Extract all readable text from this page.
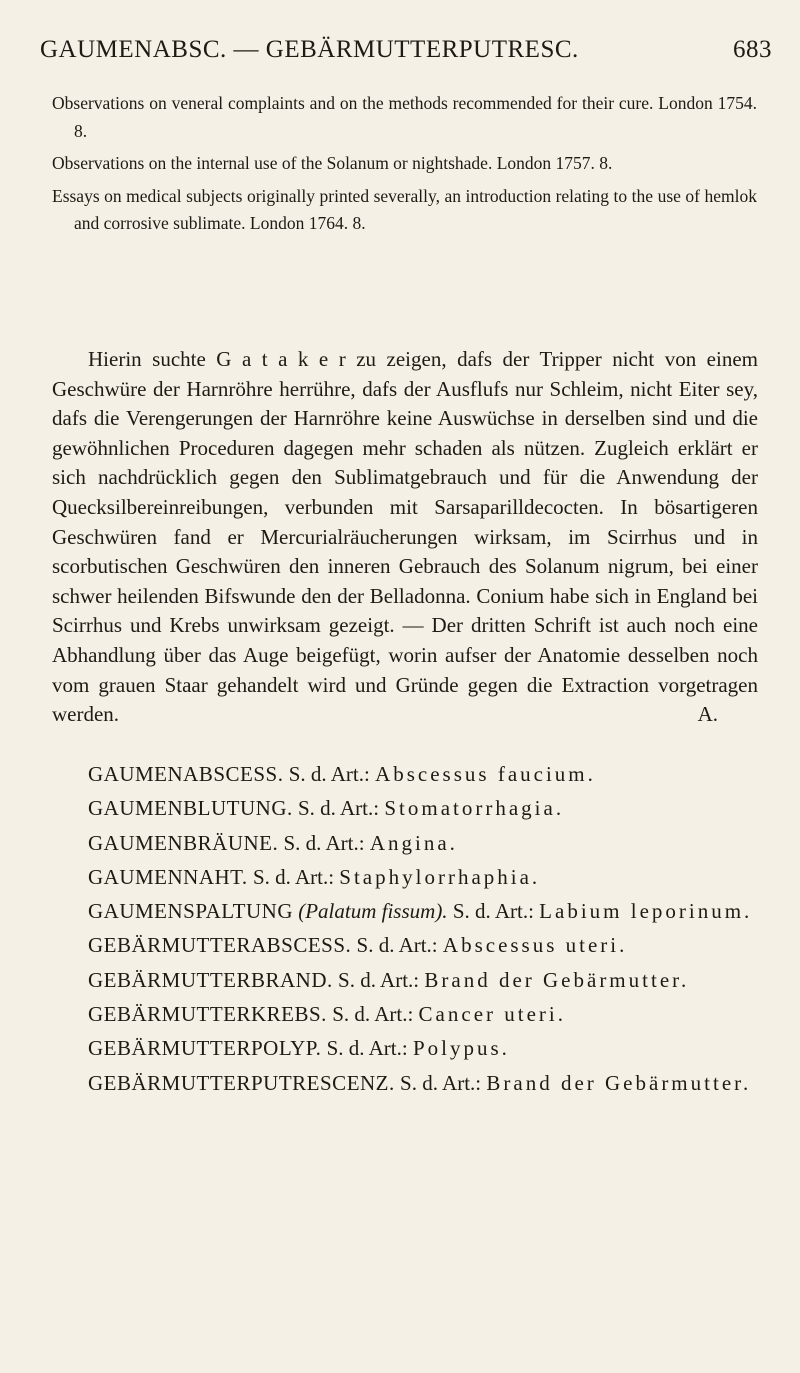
GAUMENABSC. — GEBÄRMUTTERPUTRESC.	683

Observations on veneral complaints and on the methods recommended for their cure. London 1754. 8.

Observations on the internal use of the Solanum or nightshade. London 1757. 8.

Essays on medical subjects originally printed severally, an introduction relating to the use of hemlok and corrosive sublimate. London 1764. 8.

Hierin suchte G a t a k e r zu zeigen, dafs der Tripper nicht von einem Geschwüre der Harnröhre herrühre, dafs der Ausflufs nur Schleim, nicht Eiter sey, dafs die Verengerungen der Harnröhre keine Auswüchse in derselben sind und die gewöhnlichen Proceduren dagegen mehr schaden als nützen. Zugleich erklärt er sich nachdrücklich gegen den Sublimatgebrauch und für die Anwendung der Quecksilbereinreibungen, verbunden mit Sarsaparilldecocten. In bösartigeren Geschwüren fand er Mercurialräucherungen wirksam, im Scirrhus und in scorbutischen Geschwüren den inneren Gebrauch des Solanum nigrum, bei einer schwer heilenden Bifswunde den der Belladonna. Conium habe sich in England bei Scirrhus und Krebs unwirksam gezeigt. — Der dritten Schrift ist auch noch eine Abhandlung über das Auge beigefügt, worin aufser der Anatomie desselben noch vom grauen Staar gehandelt wird und Gründe gegen die Extraction vorgetragen werden.	A.

GAUMENABSCESS. S. d. Art.: Abscessus faucium.

GAUMENBLUTUNG. S. d. Art.: Stomatorrhagia.

GAUMENBRÄUNE. S. d. Art.: Angina.

GAUMENNAHT. S. d. Art.: Staphylorrhaphia.

GAUMENSPALTUNG (Palatum fissum). S. d. Art.: Labium leporinum.

GEBÄRMUTTERABSCESS. S. d. Art.: Abscessus uteri.

GEBÄRMUTTERBRAND. S. d. Art.: Brand der Gebärmutter.

GEBÄRMUTTERKREBS. S. d. Art.: Cancer uteri.

GEBÄRMUTTERPOLYP. S. d. Art.: Polypus.

GEBÄRMUTTERPUTRESCENZ. S. d. Art.: Brand der Gebärmutter.
